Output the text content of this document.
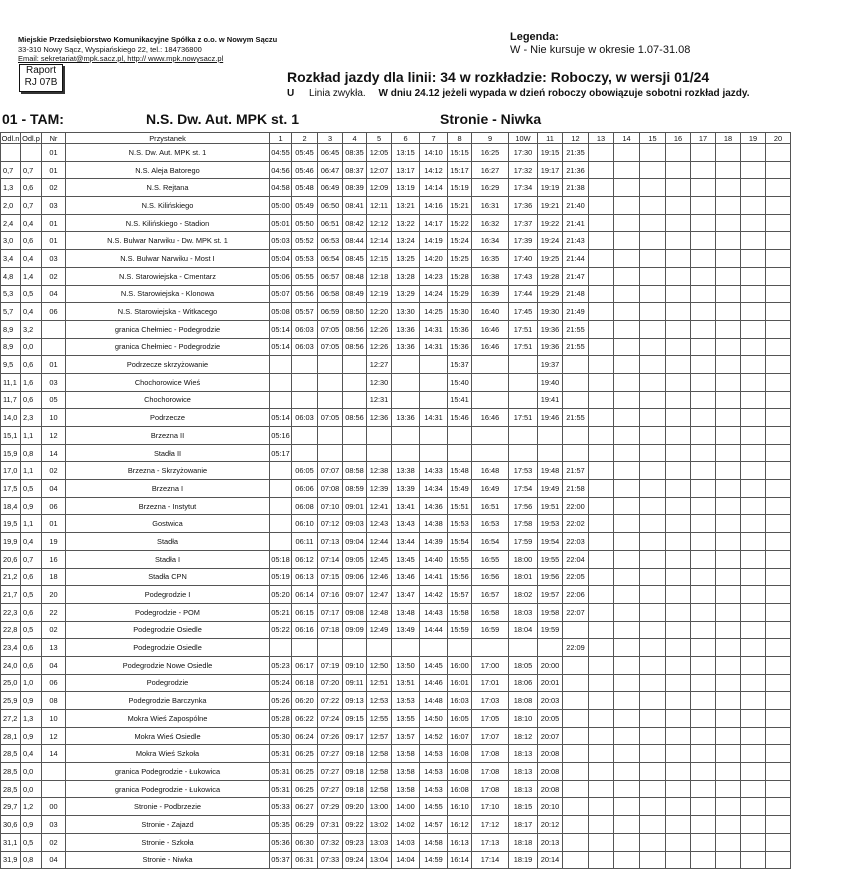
Miejskie Przedsiębiorstwo Komunikacyjne Spółka z o.o. w Nowym Sączu
33-310 Nowy Sącz, Wyspiańskiego 22, tel.: 184736800
Email: sekretariat@mpk.sacz.pl, http:// www.mpk.nowysacz.pl
Legenda:
W - Nie kursuje w okresie 1.07-31.08
Raport
RJ 07B	Rozkład jazdy dla linii: 34 w rozkładzie: Roboczy, w wersji 01/24
U Linia zwykła. W dniu 24.12 jeżeli wypada w dzień roboczy obowiązuje sobotni rozkład jazdy.
01 - TAM:	N.S. Dw. Aut. MPK st. 1	Stronie - Niwka
Odl.n	Odl.p	Nr	Przystanek	1	2	3	4	5	6	7	8	9	10W	11	12	13	14	15	16	17	18	19	20
		01	N.S. Dw. Aut. MPK st. 1	04:55	05:45	06:45	08:35	12:05	13:15	14:10	15:15	16:25	17:30	19:15	21:35								
0,7	0,7	01	N.S. Aleja Batorego	04:56	05:46	06:47	08:37	12:07	13:17	14:12	15:17	16:27	17:32	19:17	21:36								
1,3	0,6	02	N.S. Rejtana	04:58	05:48	06:49	08:39	12:09	13:19	14:14	15:19	16:29	17:34	19:19	21:38								
2,0	0,7	03	N.S. Kilińskiego	05:00	05:49	06:50	08:41	12:11	13:21	14:16	15:21	16:31	17:36	19:21	21:40								
2,4	0,4	01	N.S. Kilińskiego - Stadion	05:01	05:50	06:51	08:42	12:12	13:22	14:17	15:22	16:32	17:37	19:22	21:41								
3,0	0,6	01	N.S. Bulwar Narwiku - Dw. MPK st. 1	05:03	05:52	06:53	08:44	12:14	13:24	14:19	15:24	16:34	17:39	19:24	21:43								
3,4	0,4	03	N.S. Bulwar Narwiku - Most I	05:04	05:53	06:54	08:45	12:15	13:25	14:20	15:25	16:35	17:40	19:25	21:44								
4,8	1,4	02	N.S. Starowiejska - Cmentarz	05:06	05:55	06:57	08:48	12:18	13:28	14:23	15:28	16:38	17:43	19:28	21:47								
5,3	0,5	04	N.S. Starowiejska - Klonowa	05:07	05:56	06:58	08:49	12:19	13:29	14:24	15:29	16:39	17:44	19:29	21:48								
5,7	0,4	06	N.S. Starowiejska - Witkacego	05:08	05:57	06:59	08:50	12:20	13:30	14:25	15:30	16:40	17:45	19:30	21:49								
8,9	3,2		granica Chełmiec - Podegrodzie	05:14	06:03	07:05	08:56	12:26	13:36	14:31	15:36	16:46	17:51	19:36	21:55								
8,9	0,0		granica Chełmiec - Podegrodzie	05:14	06:03	07:05	08:56	12:26	13:36	14:31	15:36	16:46	17:51	19:36	21:55								
9,5	0,6	01	Podrzecze skrzyżowanie					12:27			15:37			19:37									
11,1	1,6	03	Chochorowice Wieś					12:30			15:40			19:40									
11,7	0,6	05	Chochorowice					12:31			15:41			19:41									
14,0	2,3	10	Podrzecze	05:14	06:03	07:05	08:56	12:36	13:36	14:31	15:46	16:46	17:51	19:46	21:55								
15,1	1,1	12	Brzezna II	05:16																			
15,9	0,8	14	Stadła II	05:17																			
17,0	1,1	02	Brzezna - Skrzyżowanie		06:05	07:07	08:58	12:38	13:38	14:33	15:48	16:48	17:53	19:48	21:57								
17,5	0,5	04	Brzezna I		06:06	07:08	08:59	12:39	13:39	14:34	15:49	16:49	17:54	19:49	21:58								
18,4	0,9	06	Brzezna - Instytut		06:08	07:10	09:01	12:41	13:41	14:36	15:51	16:51	17:56	19:51	22:00								
19,5	1,1	01	Gostwica		06:10	07:12	09:03	12:43	13:43	14:38	15:53	16:53	17:58	19:53	22:02								
19,9	0,4	19	Stadła		06:11	07:13	09:04	12:44	13:44	14:39	15:54	16:54	17:59	19:54	22:03								
20,6	0,7	16	Stadła I	05:18	06:12	07:14	09:05	12:45	13:45	14:40	15:55	16:55	18:00	19:55	22:04								
21,2	0,6	18	Stadła CPN	05:19	06:13	07:15	09:06	12:46	13:46	14:41	15:56	16:56	18:01	19:56	22:05								
21,7	0,5	20	Podegrodzie I	05:20	06:14	07:16	09:07	12:47	13:47	14:42	15:57	16:57	18:02	19:57	22:06								
22,3	0,6	22	Podegrodzie - POM	05:21	06:15	07:17	09:08	12:48	13:48	14:43	15:58	16:58	18:03	19:58	22:07								
22,8	0,5	02	Podegrodzie Osiedle	05:22	06:16	07:18	09:09	12:49	13:49	14:44	15:59	16:59	18:04	19:59									
23,4	0,6	13	Podegrodzie Osiedle												22:09								
24,0	0,6	04	Podegrodzie Nowe Osiedle	05:23	06:17	07:19	09:10	12:50	13:50	14:45	16:00	17:00	18:05	20:00									
25,0	1,0	06	Podegrodzie	05:24	06:18	07:20	09:11	12:51	13:51	14:46	16:01	17:01	18:06	20:01									
25,9	0,9	08	Podegrodzie Barczynka	05:26	06:20	07:22	09:13	12:53	13:53	14:48	16:03	17:03	18:08	20:03									
27,2	1,3	10	Mokra Wieś Zapospólne	05:28	06:22	07:24	09:15	12:55	13:55	14:50	16:05	17:05	18:10	20:05									
28,1	0,9	12	Mokra Wieś Osiedle	05:30	06:24	07:26	09:17	12:57	13:57	14:52	16:07	17:07	18:12	20:07									
28,5	0,4	14	Mokra Wieś Szkoła	05:31	06:25	07:27	09:18	12:58	13:58	14:53	16:08	17:08	18:13	20:08									
28,5	0,0		granica Podegrodzie - Łukowica	05:31	06:25	07:27	09:18	12:58	13:58	14:53	16:08	17:08	18:13	20:08									
28,5	0,0		granica Podegrodzie - Łukowica	05:31	06:25	07:27	09:18	12:58	13:58	14:53	16:08	17:08	18:13	20:08									
29,7	1,2	00	Stronie - Podbrzezie	05:33	06:27	07:29	09:20	13:00	14:00	14:55	16:10	17:10	18:15	20:10									
30,6	0,9	03	Stronie - Zajazd	05:35	06:29	07:31	09:22	13:02	14:02	14:57	16:12	17:12	18:17	20:12									
31,1	0,5	02	Stronie - Szkoła	05:36	06:30	07:32	09:23	13:03	14:03	14:58	16:13	17:13	18:18	20:13									
31,9	0,8	04	Stronie - Niwka	05:37	06:31	07:33	09:24	13:04	14:04	14:59	16:14	17:14	18:19	20:14									
